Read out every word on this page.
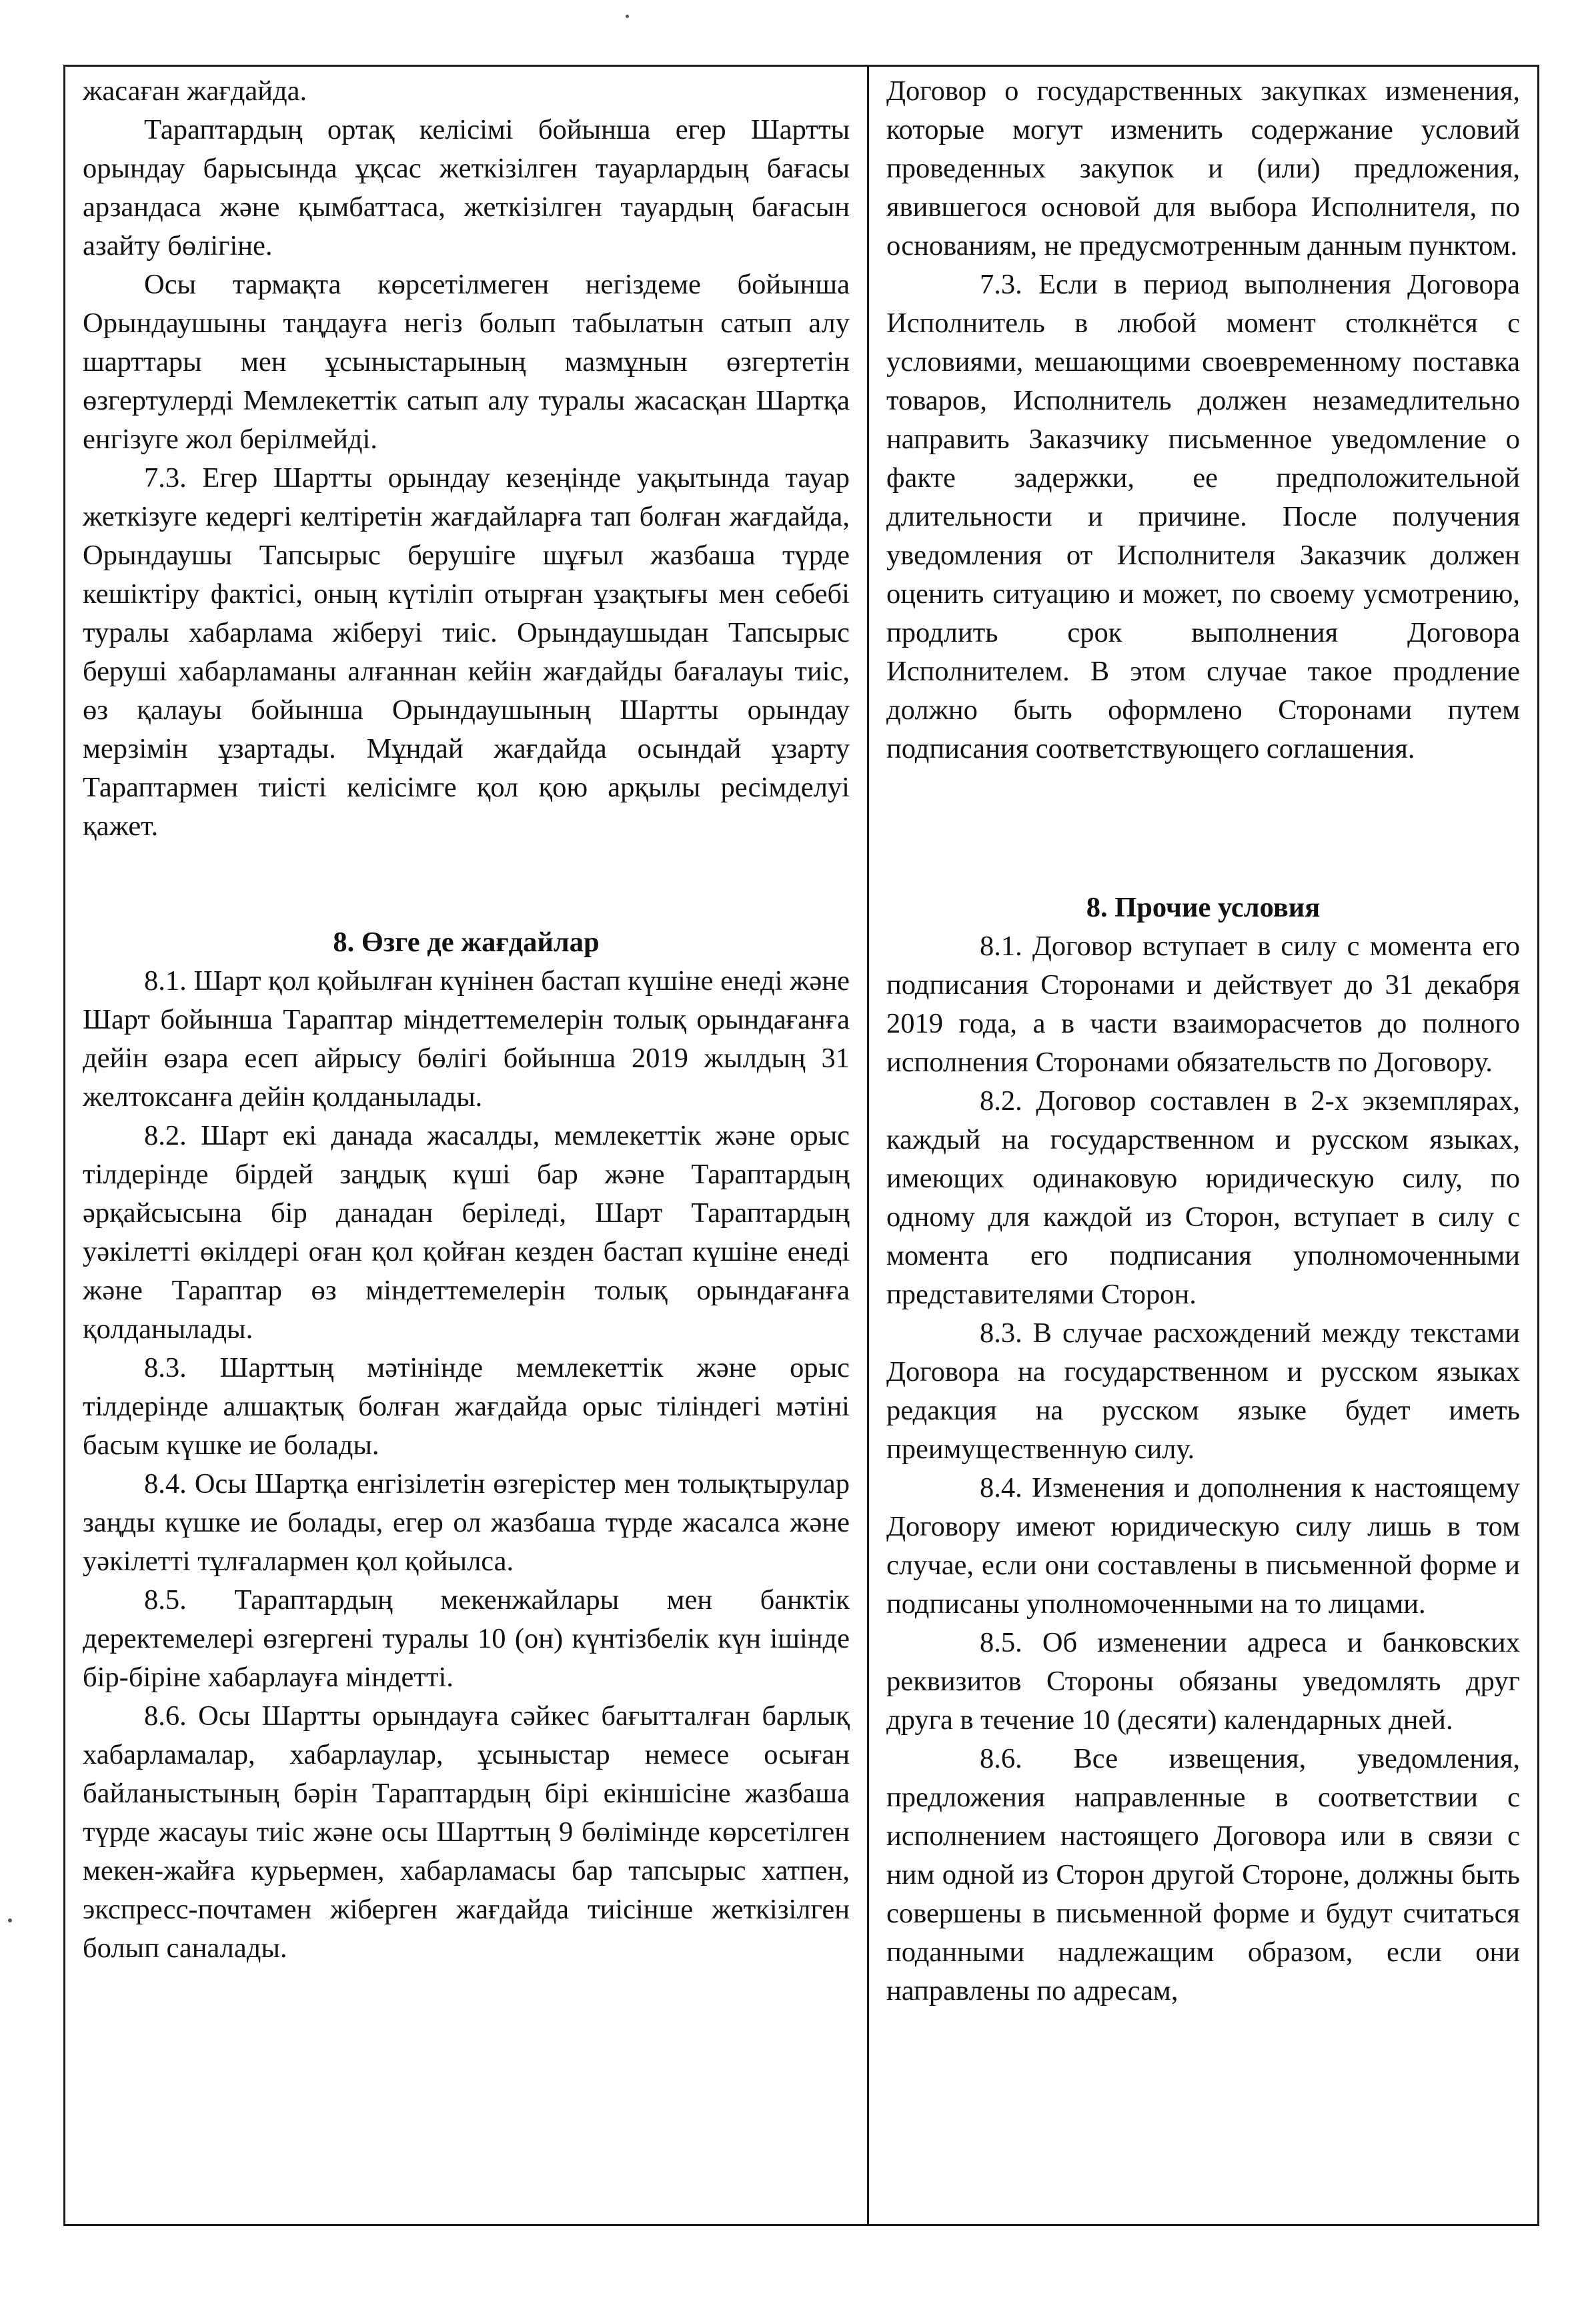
жасаған жағдайда.

Тараптардың ортақ келісімі бойынша егер Шартты орындау барысында ұқсас жеткізілген тауарлардың бағасы арзандаса және қымбаттаса, жеткізілген тауардың бағасын азайту бөлігіне.

Осы тармақта көрсетілмеген негіздеме бойынша Орындаушыны таңдауға негіз болып табылатын сатып алу шарттары мен ұсыныстарының мазмұнын өзгертетін өзгертулерді Мемлекеттік сатып алу туралы жасасқан Шартқа енгізуге жол берілмейді.

7.3. Егер Шартты орындау кезеңінде уақытында тауар жеткізуге кедергі келтіретін жағдайларға тап болған жағдайда, Орындаушы Тапсырыс берушіге шұғыл жазбаша түрде кешіктіру фактісі, оның күтіліп отырған ұзақтығы мен себебі туралы хабарлама жіберуі тиіс. Орындаушыдан Тапсырыс беруші хабарламаны алғаннан кейін жағдайды бағалауы тиіс, өз қалауы бойынша Орындаушының Шартты орындау мерзімін ұзартады. Мұндай жағдайда осындай ұзарту Тараптармен тиісті келісімге қол қою арқылы ресімделуі қажет.

8. Өзге де жағдайлар

8.1. Шарт қол қойылған күнінен бастап күшіне енеді және Шарт бойынша Тараптар міндеттемелерін толық орындағанға дейін өзара есеп айрысу бөлігі бойынша 2019 жылдың 31 желтоксанға дейін қолданылады.

8.2. Шарт екі данада жасалды, мемлекеттік және орыс тілдерінде бірдей заңдық күші бар және Тараптардың әрқайсысына бір данадан беріледі, Шарт Тараптардың уәкілетті өкілдері оған қол қойған кезден бастап күшіне енеді және Тараптар өз міндеттемелерін толық орындағанға қолданылады.

8.3. Шарттың мәтінінде мемлекеттік және орыс тілдерінде алшақтық болған жағдайда орыс тіліндегі мәтіні басым күшке ие болады.

8.4. Осы Шартқа енгізілетін өзгерістер мен толықтырулар заңды күшке ие болады, егер ол жазбаша түрде жасалса және уәкілетті тұлғалармен қол қойылса.

8.5. Тараптардың мекенжайлары мен банктік деректемелері өзгергені туралы 10 (он) күнтізбелік күн ішінде бір-біріне хабарлауға міндетті.

8.6. Осы Шартты орындауға сәйкес бағытталған барлық хабарламалар, хабарлаулар, ұсыныстар немесе осыған байланыстының бәрін Тараптардың бірі екіншісіне жазбаша түрде жасауы тиіс және осы Шарттың 9 бөлімінде көрсетілген мекен-жайға курьермен, хабарламасы бар тапсырыс хатпен, экспресс-почтамен жіберген жағдайда тиісінше жеткізілген болып саналады.

Договор о государственных закупках изменения, которые могут изменить содержание условий проведенных закупок и (или) предложения, явившегося основой для выбора Исполнителя, по основаниям, не предусмотренным данным пунктом.

7.3. Если в период выполнения Договора Исполнитель в любой момент столкнётся с условиями, мешающими своевременному поставка товаров, Исполнитель должен незамедлительно направить Заказчику письменное уведомление о факте задержки, ее предположительной длительности и причине. После получения уведомления от Исполнителя Заказчик должен оценить ситуацию и может, по своему усмотрению, продлить срок выполнения Договора Исполнителем. В этом случае такое продление должно быть оформлено Сторонами путем подписания соответствующего соглашения.

8. Прочие условия

8.1. Договор вступает в силу с момента его подписания Сторонами и действует до 31 декабря 2019 года, а в части взаиморасчетов до полного исполнения Сторонами обязательств по Договору.

8.2. Договор составлен в 2-х экземплярах, каждый на государственном и русском языках, имеющих одинаковую юридическую силу, по одному для каждой из Сторон, вступает в силу с момента его подписания уполномоченными представителями Сторон.

8.3. В случае расхождений между текстами Договора на государственном и русском языках редакция на русском языке будет иметь преимущественную силу.

8.4. Изменения и дополнения к настоящему Договору имеют юридическую силу лишь в том случае, если они составлены в письменной форме и подписаны уполномоченными на то лицами.

8.5. Об изменении адреса и банковских реквизитов Стороны обязаны уведомлять друг друга в течение 10 (десяти) календарных дней.

8.6. Все извещения, уведомления, предложения направленные в соответствии с исполнением настоящего Договора или в связи с ним одной из Сторон другой Стороне, должны быть совершены в письменной форме и будут считаться поданными надлежащим образом, если они направлены по адресам,
